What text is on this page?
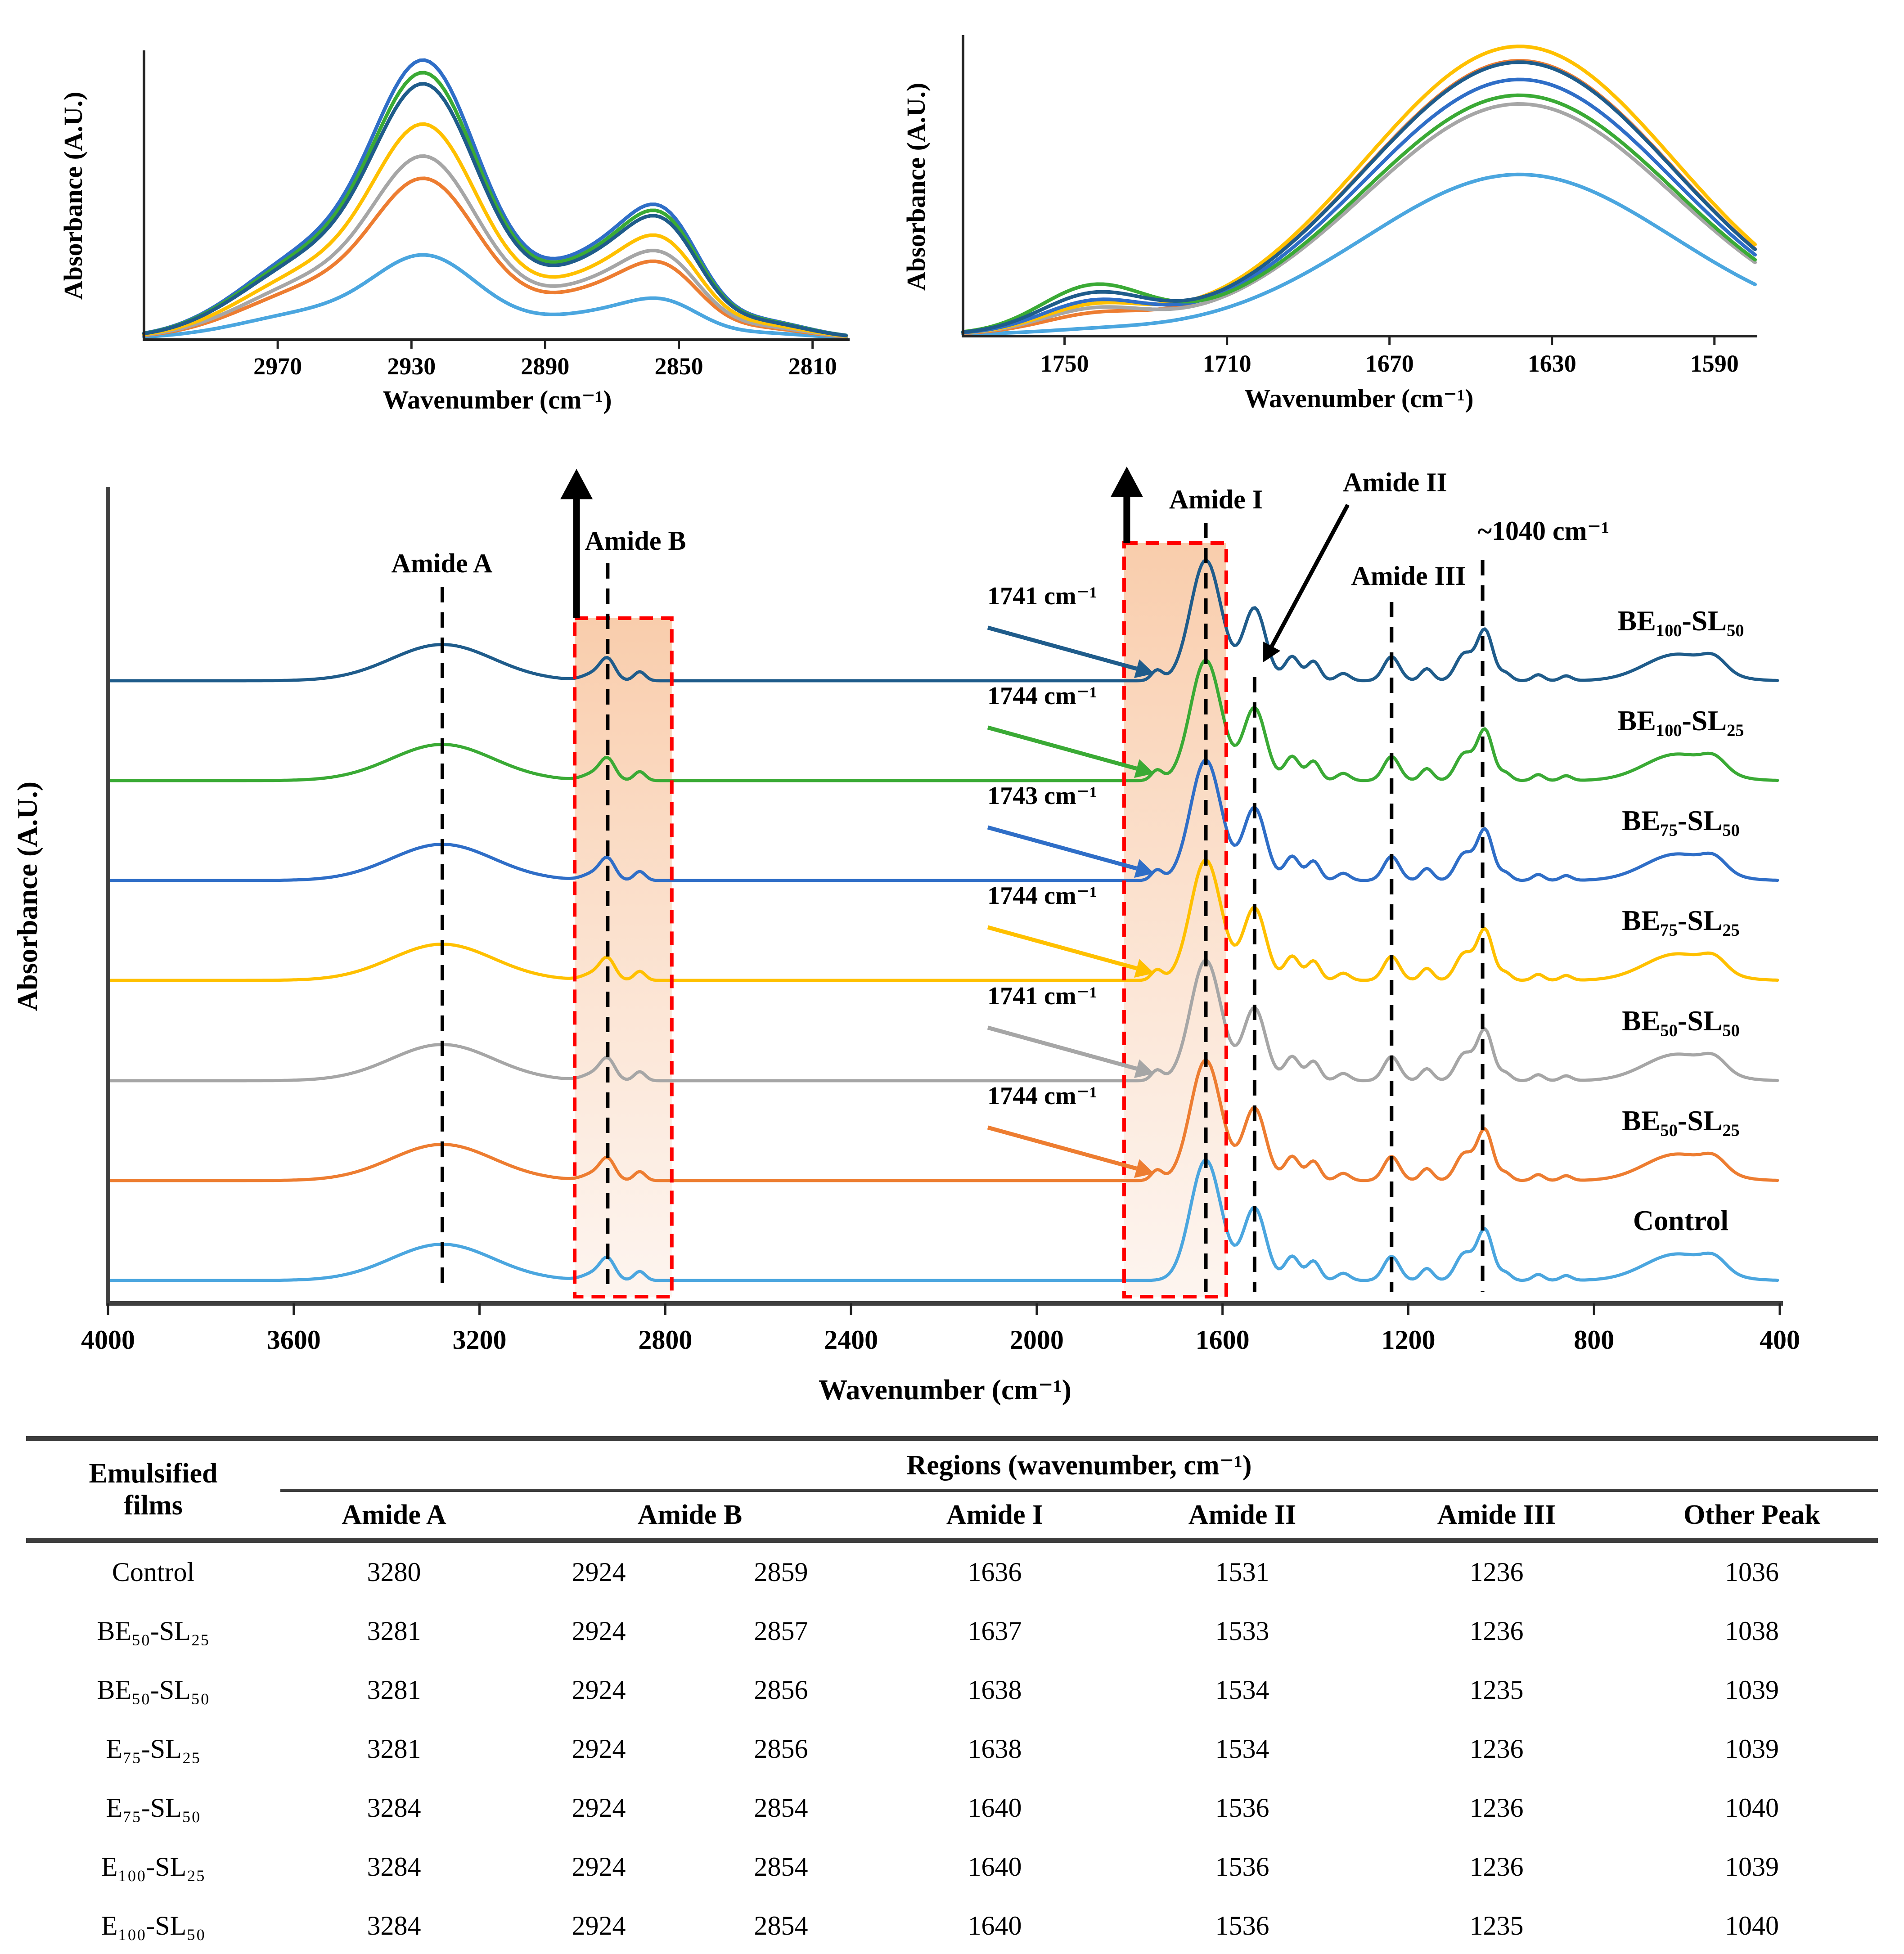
2970	2930	2890	2850	2810
Wavenumber (cm⁻¹)
Absorbance (A.U.)
1750	1710	1670	1630	1590
Wavenumber (cm⁻¹)
Absorbance (A.U.)
4000	3600	3200	2800	2400	2000	1600	1200	800	400
Wavenumber (cm⁻¹)
Absorbance (A.U.)
Amide A
Amide B
Amide I
Amide II
Amide III
~1040 cm⁻¹
1741 cm⁻¹
1744 cm⁻¹
1743 cm⁻¹
1744 cm⁻¹
1741 cm⁻¹
1744 cm⁻¹
BE₁₀₀-SL₅₀
BE₁₀₀-SL₂₅
BE₇₅-SL₅₀
BE₇₅-SL₂₅
BE₅₀-SL₅₀
BE₅₀-SL₂₅
Control
Emulsified
films	Regions (wavenumber, cm⁻¹)						
	Amide A	Amide B		Amide I	Amide II	Amide III	Other Peak
Control	3280	2924	2859	1636	1531	1236	1036
BE₅₀-SL₂₅	3281	2924	2857	1637	1533	1236	1038
BE₅₀-SL₅₀	3281	2924	2856	1638	1534	1235	1039
E₇₅-SL₂₅	3281	2924	2856	1638	1534	1236	1039
E₇₅-SL₅₀	3284	2924	2854	1640	1536	1236	1040
E₁₀₀-SL₂₅	3284	2924	2854	1640	1536	1236	1039
E₁₀₀-SL₅₀	3284	2924	2854	1640	1536	1235	1040
